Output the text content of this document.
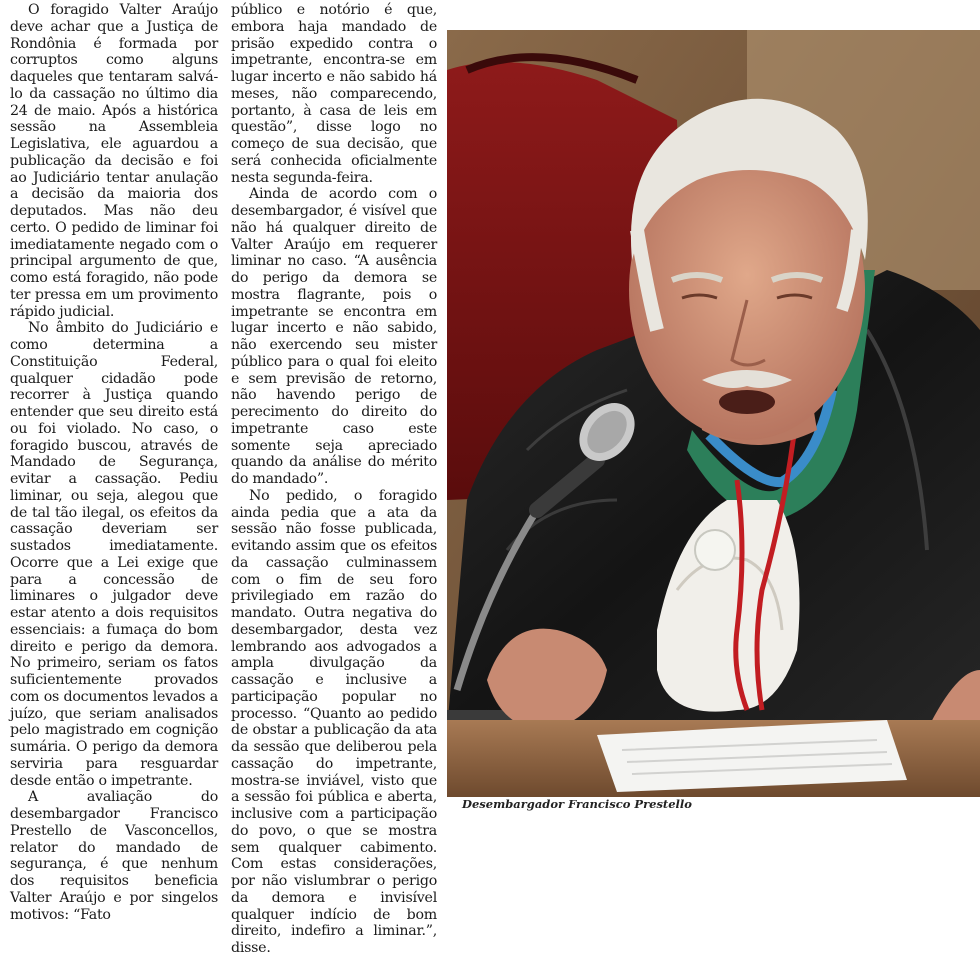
O foragido Valter Araújo deve achar que a Justiça de Rondônia é formada por corruptos como alguns daqueles que tentaram salvá-lo da cassação no último dia 24 de maio. Após a histórica sessão na Assembleia Legislativa, ele aguardou a publicação da decisão e foi ao Judiciário tentar anulação a decisão da maioria dos deputados. Mas não deu certo. O pedido de liminar foi imediatamente negado com o principal argumento de que, como está foragido, não pode ter pressa em um provimento rápido judicial.

No âmbito do Judiciário e como determina a Constituição Federal, qualquer cidadão pode recorrer à Justiça quando entender que seu direito está ou foi violado. No caso, o foragido buscou, através de Mandado de Segurança, evitar a cassação. Pediu liminar, ou seja, alegou que de tal tão ilegal, os efeitos da cassação deveriam ser sustados imediatamente. Ocorre que a Lei exige que para a concessão de liminares o julgador deve estar atento a dois requisitos essenciais: a fumaça do bom direito e perigo da demora. No primeiro, seriam os fatos suficientemente provados com os documentos levados a juízo, que seriam analisados pelo magistrado em cognição sumária. O perigo da demora serviria para resguardar desde então o impetrante.

A avaliação do desembargador Francisco Prestello de Vasconcellos, relator do mandado de segurança, é que nenhum dos requisitos beneficia Valter Araújo e por singelos motivos: “Fato

público e notório é que, embora haja mandado de prisão expedido contra o impetrante, encontra-se em lugar incerto e não sabido há meses, não comparecendo, portanto, à casa de leis em questão”, disse logo no começo de sua decisão, que será conhecida oficialmente nesta segunda-feira.

Ainda de acordo com o desembargador, é visível que não há qualquer direito de Valter Araújo em requerer liminar no caso. “A ausência do perigo da demora se mostra flagrante, pois o impetrante se encontra em lugar incerto e não sabido, não exercendo seu mister público para o qual foi eleito e sem previsão de retorno, não havendo perigo de perecimento do direito do impetrante caso este somente seja apreciado quando da análise do mérito do mandado”.

No pedido, o foragido ainda pedia que a ata da sessão não fosse publicada, evitando assim que os efeitos da cassação culminassem com o fim de seu foro privilegiado em razão do mandato. Outra negativa do desembargador, desta vez lembrando aos advogados a ampla divulgação da cassação e inclusive a participação popular no processo. “Quanto ao pedido de obstar a publicação da ata da sessão que deliberou pela cassação do impetrante, mostra-se inviável, visto que a sessão foi pública e aberta, inclusive com a participação do povo, o que se mostra sem qualquer cabimento. Com estas considerações, por não vislumbrar o perigo da demora e invisível qualquer indício de bom direito, indefiro a liminar.”, disse.

Desembargador Francisco Prestello
